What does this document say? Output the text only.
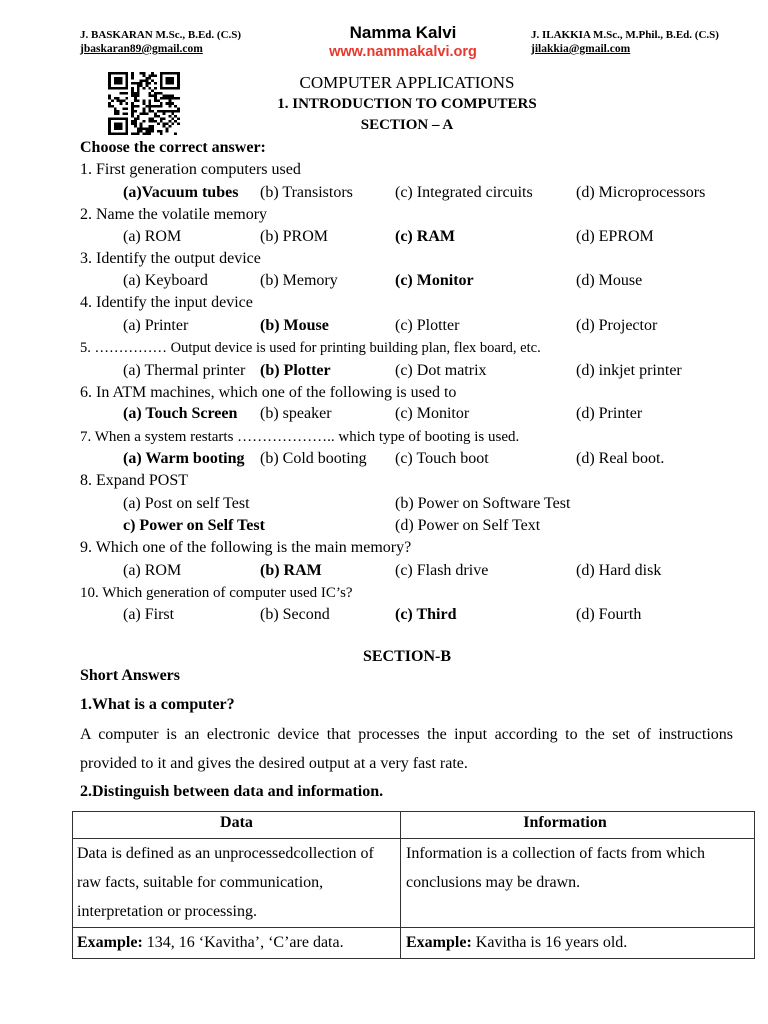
J. BASKARAN M.Sc., B.Ed. (C.S)
jbaskaran89@gmail.com
Namma Kalvi
www.nammakalvi.org
J. ILAKKIA M.Sc., M.Phil., B.Ed. (C.S)
jilakkia@gmail.com
COMPUTER APPLICATIONS
1. INTRODUCTION TO COMPUTERS
SECTION – A
Choose the correct answer:
1. First generation computers used
(a)Vacuum tubes (b) Transistors	(c) Integrated circuits	(d) Microprocessors
2. Name the volatile memory
(a) ROM	(b) PROM	(c) RAM	(d) EPROM
3. Identify the output device
(a) Keyboard	(b) Memory	(c) Monitor	(d) Mouse
4. Identify the input device
(a) Printer	(b) Mouse	(c) Plotter	(d) Projector
5. …………… Output device is used for printing building plan, flex board, etc.
(a) Thermal printer (b) Plotter	(c) Dot matrix	(d) inkjet printer
6. In ATM machines, which one of the following is used to
(a) Touch Screen (b) speaker	(c) Monitor	(d) Printer
7. When a system restarts ……………….. which type of booting is used.
(a) Warm booting (b) Cold booting (c) Touch boot	(d) Real boot.
8. Expand POST
(a) Post on self Test	(b) Power on Software Test
c) Power on Self Test	(d) Power on Self Text
9. Which one of the following is the main memory?
(a) ROM	(b) RAM	(c) Flash drive	(d) Hard disk
10. Which generation of computer used IC’s?
(a) First	(b) Second	(c) Third	(d) Fourth
SECTION-B
Short Answers
1.What is a computer?
A computer is an electronic device that processes the input according to the set of instructions provided to it and gives the desired output at a very fast rate.
2.Distinguish between data and information.
Data	Information
Data is defined as an unprocessedcollection of raw facts, suitable for communication, interpretation or processing.	Information is a collection of facts from which conclusions may be drawn.
Example: 134, 16 ‘Kavitha’, ‘C’are data.	Example: Kavitha is 16 years old.
